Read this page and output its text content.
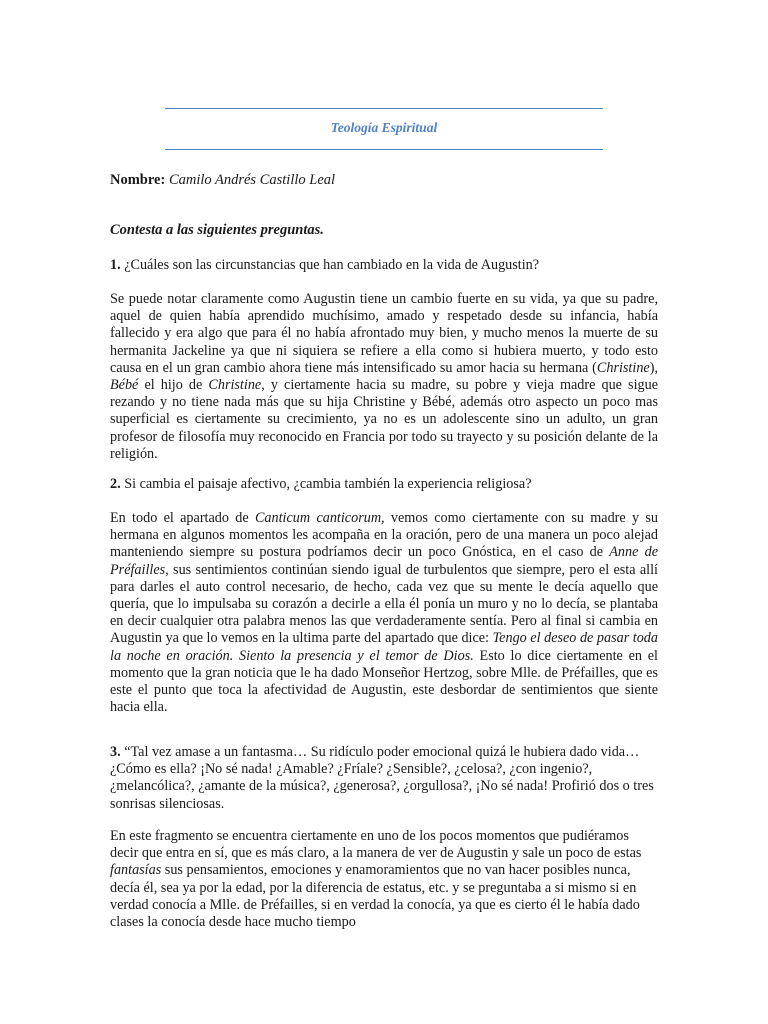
Teología Espiritual
Nombre: Camilo Andrés Castillo Leal
Contesta a las siguientes preguntas.
1. ¿Cuáles son las circunstancias que han cambiado en la vida de Augustin?
Se puede notar claramente como Augustin tiene un cambio fuerte en su vida, ya que su padre, aquel de quien había aprendido muchísimo, amado y respetado desde su infancia, había fallecido y era algo que para él no había afrontado muy bien, y mucho menos la muerte de su hermanita Jackeline ya que ni siquiera se refiere a ella como si hubiera muerto, y todo esto causa en el un gran cambio ahora tiene más intensificado su amor hacia su hermana (Christine), Bébé el hijo de Christine, y ciertamente hacia su madre, su pobre y vieja madre que sigue rezando y no tiene nada más que su hija Christine y Bébé, además otro aspecto un poco mas superficial es ciertamente su crecimiento, ya no es un adolescente sino un adulto, un gran profesor de filosofía muy reconocido en Francia por todo su trayecto y su posición delante de la religión.
2. Si cambia el paisaje afectivo, ¿cambia también la experiencia religiosa?
En todo el apartado de Canticum canticorum, vemos como ciertamente con su madre y su hermana en algunos momentos les acompaña en la oración, pero de una manera un poco alejad manteniendo siempre su postura podríamos decir un poco Gnóstica, en el caso de Anne de Préfailles, sus sentimientos continúan siendo igual de turbulentos que siempre, pero el esta allí para darles el auto control necesario, de hecho, cada vez que su mente le decía aquello que quería, que lo impulsaba su corazón a decirle a ella él ponía un muro y no lo decía, se plantaba en decir cualquier otra palabra menos las que verdaderamente sentía. Pero al final si cambia en Augustin ya que lo vemos en la ultima parte del apartado que dice: Tengo el deseo de pasar toda la noche en oración. Siento la presencia y el temor de Dios. Esto lo dice ciertamente en el momento que la gran noticia que le ha dado Monseñor Hertzog, sobre Mlle. de Préfailles, que es este el punto que toca la afectividad de Augustin, este desbordar de sentimientos que siente hacia ella.
3. “Tal vez amase a un fantasma… Su ridículo poder emocional quizá le hubiera dado vida… ¿Cómo es ella? ¡No sé nada! ¿Amable? ¿Fríale? ¿Sensible?, ¿celosa?, ¿con ingenio?, ¿melancólica?, ¿amante de la música?, ¿generosa?, ¿orgullosa?, ¡No sé nada! Profirió dos o tres sonrisas silenciosas.
En este fragmento se encuentra ciertamente en uno de los pocos momentos que pudiéramos decir que entra en sí, que es más claro, a la manera de ver de Augustin y sale un poco de estas fantasías sus pensamientos, emociones y enamoramientos que no van hacer posibles nunca, decía él, sea ya por la edad, por la diferencia de estatus, etc. y se preguntaba a si mismo si en verdad conocía a Mlle. de Préfailles, si en verdad la conocía, ya que es cierto él le había dado clases la conocía desde hace mucho tiempo
